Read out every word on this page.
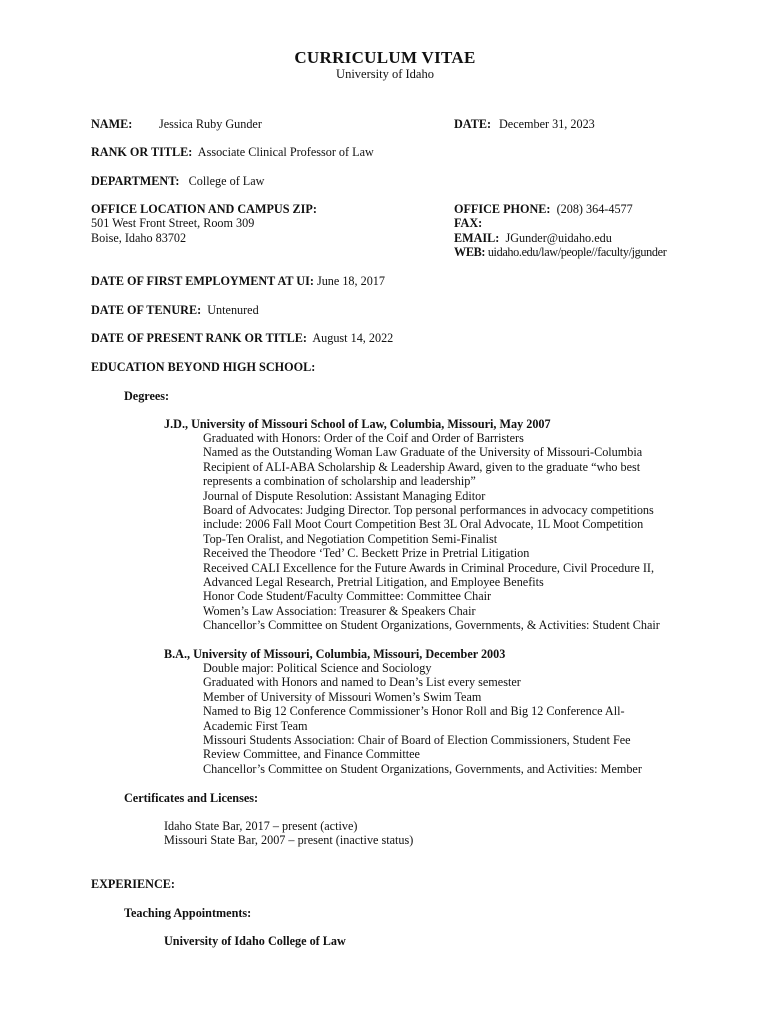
CURRICULUM VITAE
University of Idaho
NAME: Jessica Ruby Gunder	DATE: December 31, 2023
RANK OR TITLE: Associate Clinical Professor of Law
DEPARTMENT: College of Law
OFFICE LOCATION AND CAMPUS ZIP:
501 West Front Street, Room 309
Boise, Idaho 83702
OFFICE PHONE: (208) 364-4577
FAX:
EMAIL: JGunder@uidaho.edu
WEB: uidaho.edu/law/people//faculty/jgunder
DATE OF FIRST EMPLOYMENT AT UI: June 18, 2017
DATE OF TENURE: Untenured
DATE OF PRESENT RANK OR TITLE: August 14, 2022
EDUCATION BEYOND HIGH SCHOOL:
Degrees:
J.D., University of Missouri School of Law, Columbia, Missouri, May 2007
Graduated with Honors: Order of the Coif and Order of Barristers
Named as the Outstanding Woman Law Graduate of the University of Missouri-Columbia
Recipient of ALI-ABA Scholarship & Leadership Award, given to the graduate “who best
represents a combination of scholarship and leadership”
Journal of Dispute Resolution: Assistant Managing Editor
Board of Advocates: Judging Director. Top personal performances in advocacy competitions
include: 2006 Fall Moot Court Competition Best 3L Oral Advocate, 1L Moot Competition
Top-Ten Oralist, and Negotiation Competition Semi-Finalist
Received the Theodore ‘Ted’ C. Beckett Prize in Pretrial Litigation
Received CALI Excellence for the Future Awards in Criminal Procedure, Civil Procedure II,
Advanced Legal Research, Pretrial Litigation, and Employee Benefits
Honor Code Student/Faculty Committee: Committee Chair
Women’s Law Association: Treasurer & Speakers Chair
Chancellor’s Committee on Student Organizations, Governments, & Activities: Student Chair
B.A., University of Missouri, Columbia, Missouri, December 2003
Double major: Political Science and Sociology
Graduated with Honors and named to Dean’s List every semester
Member of University of Missouri Women’s Swim Team
Named to Big 12 Conference Commissioner’s Honor Roll and Big 12 Conference All-
Academic First Team
Missouri Students Association: Chair of Board of Election Commissioners, Student Fee
Review Committee, and Finance Committee
Chancellor’s Committee on Student Organizations, Governments, and Activities: Member
Certificates and Licenses:
Idaho State Bar, 2017 – present (active)
Missouri State Bar, 2007 – present (inactive status)
EXPERIENCE:
Teaching Appointments:
University of Idaho College of Law
